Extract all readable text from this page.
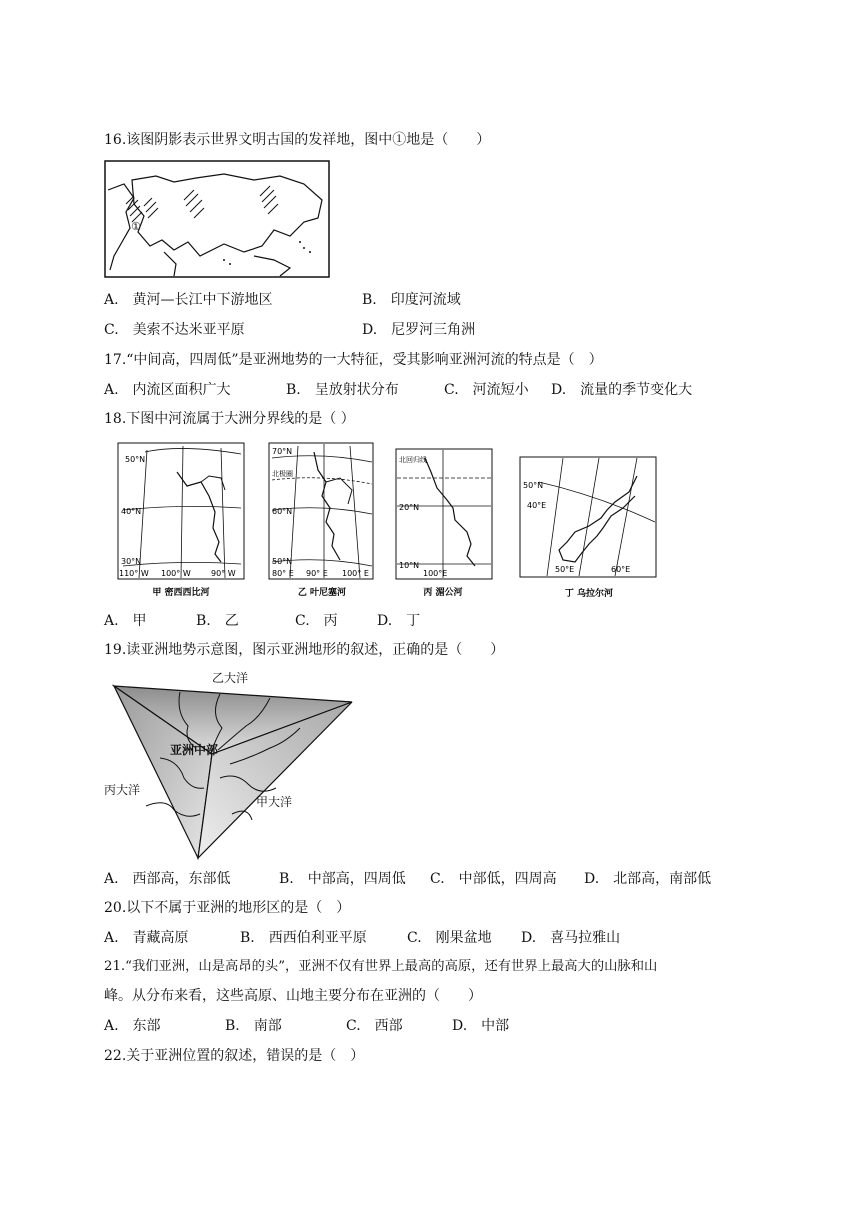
16.该图阴影表示世界文明古国的发祥地，图中①地是（　　）
①
A.　黄河—长江中下游地区	B.　印度河流域
C.　美索不达米亚平原	D.　尼罗河三角洲
17.“中间高，四周低”是亚洲地势的一大特征，受其影响亚洲河流的特点是（　）
A.　内流区面积广大	B.　呈放射状分布	C.　河流短小 D.　流量的季节变化大
18.下图中河流属于大洲分界线的是（ ）
50°N
40°N
30°N
110° W 100° W	90° W
甲 密西西比河
70°N
北极圈
60°N
50°N
80° E 90° E 100° E
乙 叶尼塞河
北回归线
20°N
10°N
100°E
丙 湄公河
50°N
40°E
50°E	60°E
丁 乌拉尔河
A.　甲	B.　乙	C.　丙	D.　丁
19.读亚洲地势示意图，图示亚洲地形的叙述，正确的是（　　）
乙大洋
亚洲中部
丙大洋
甲大洋
A.　西部高，东部低	B.　中部高，四周低 C.　中部低，四周高 D.　北部高，南部低
20.以下不属于亚洲的地形区的是（　）
A.　青藏高原	B.　西西伯利亚平原	C.　刚果盆地 D.　喜马拉雅山
21.“我们亚洲，山是高昂的头”，亚洲不仅有世界上最高的高原，还有世界上最高大的山脉和山
峰。从分布来看，这些高原、山地主要分布在亚洲的（　　）
A.　东部	B.　南部	C.　西部	D.　中部
22.关于亚洲位置的叙述，错误的是（　）
